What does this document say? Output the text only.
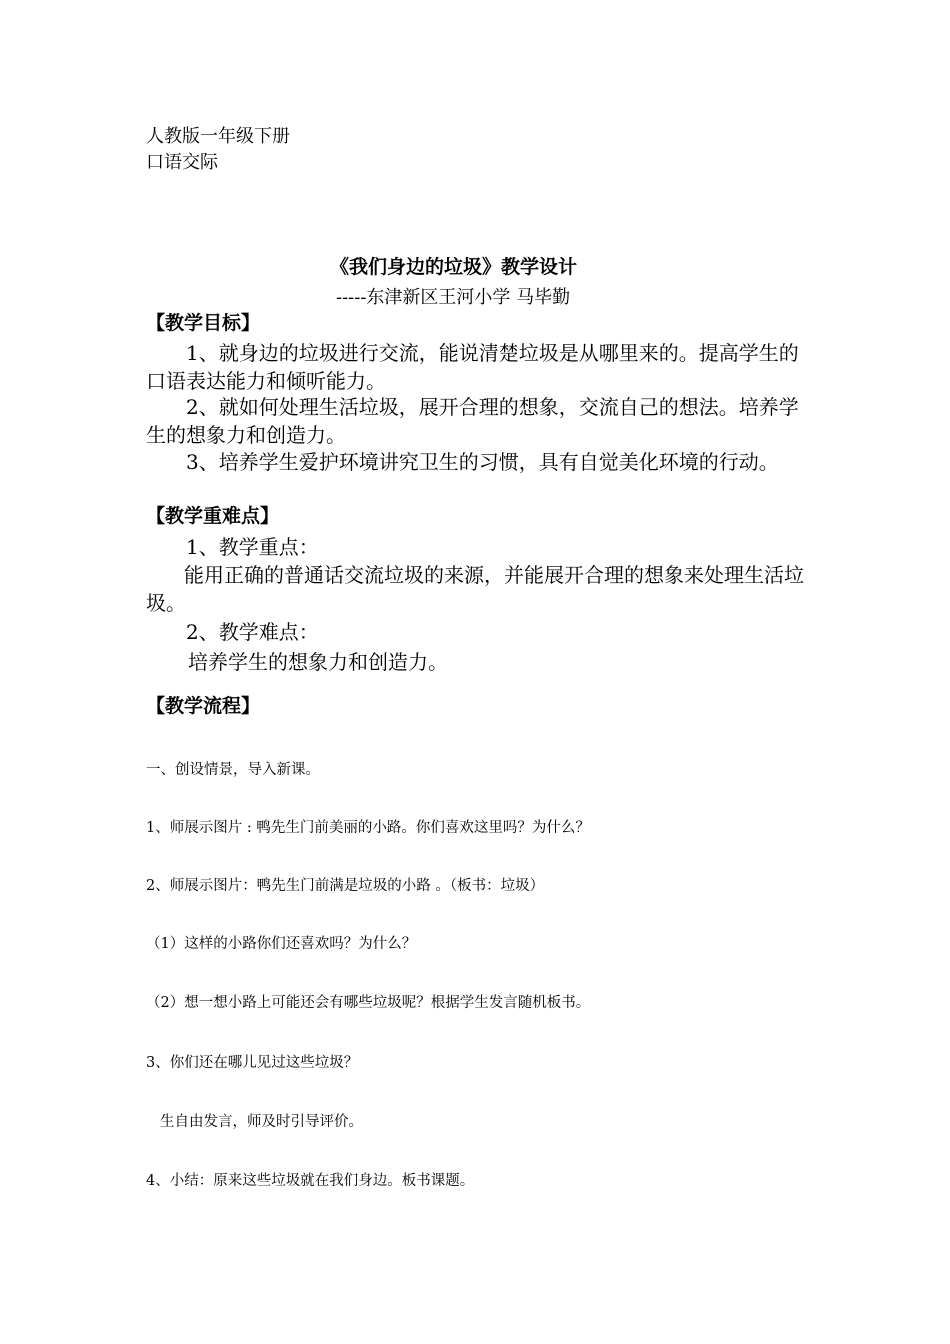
人教版一年级下册
口语交际
《我们身边的垃圾》教学设计
-----东津新区王河小学 马毕勤
【教学目标】
1、就身边的垃圾进行交流，能说清楚垃圾是从哪里来的。提高学生的口语表达能力和倾听能力。
2、就如何处理生活垃圾，展开合理的想象，交流自己的想法。培养学生的想象力和创造力。
3、培养学生爱护环境讲究卫生的习惯，具有自觉美化环境的行动。
【教学重难点】
1、教学重点：
能用正确的普通话交流垃圾的来源，并能展开合理的想象来处理生活垃圾。
2、教学难点：
培养学生的想象力和创造力。
【教学流程】
一、创设情景，导入新课。
1、师展示图片 : 鸭先生门前美丽的小路。你们喜欢这里吗？为什么？
2、师展示图片：鸭先生门前满是垃圾的小路 。（板书：垃圾）
（1）这样的小路你们还喜欢吗？为什么？
（2）想一想小路上可能还会有哪些垃圾呢？根据学生发言随机板书。
3、你们还在哪儿见过这些垃圾？
生自由发言，师及时引导评价。
4、小结：原来这些垃圾就在我们身边。板书课题。
